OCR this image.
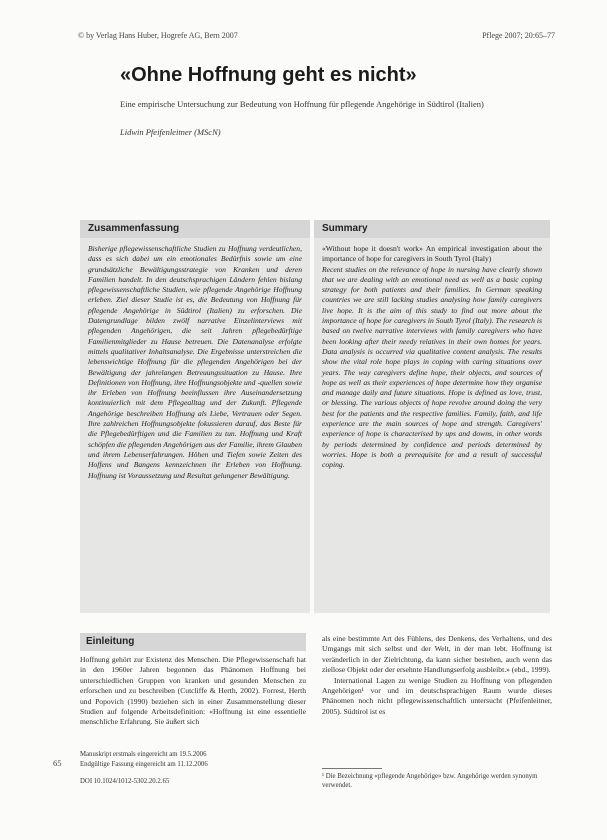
© by Verlag Hans Huber, Hogrefe AG, Bern 2007	Pflege 2007; 20:65–77
«Ohne Hoffnung geht es nicht»
Eine empirische Untersuchung zur Bedeutung von Hoffnung für pflegende Angehörige in Südtirol (Italien)
Lidwin Pfeifenleitner (MScN)
Zusammenfassung

Bisherige pflegewissenschaftliche Studien zu Hoffnung verdeutlichen, dass es sich dabei um ein emotionales Bedürfnis sowie um eine grundsätzliche Bewältigungsstrategie von Kranken und deren Familien handelt. In den deutschsprachigen Ländern fehlen bislang pflegewissenschaftliche Studien, wie pflegende Angehörige Hoffnung erleben. Ziel dieser Studie ist es, die Bedeutung von Hoffnung für pflegende Angehörige in Südtirol (Italien) zu erforschen. Die Datengrundlage bilden zwölf narrative Einzelinterviews mit pflegenden Angehörigen, die seit Jahren pflegebedürftige Familienmitglieder zu Hause betreuen. Die Datenanalyse erfolgte mittels qualitativer Inhaltsanalyse. Die Ergebnisse unterstreichen die lebenswichtige Hoffnung für die pflegenden Angehörigen bei der Bewältigung der jahrelangen Betreuungssituation zu Hause. Ihre Definitionen von Hoffnung, ihre Hoffnungsobjekte und -quellen sowie ihr Erleben von Hoffnung beeinflussen ihre Auseinandersetzung kontinuierlich mit dem Pflegealltag und der Zukunft. Pflegende Angehörige beschreiben Hoffnung als Liebe, Vertrauen oder Segen. Ihre zahlreichen Hoffnungsobjekte fokussieren darauf, das Beste für die Pflegebedürftigen und die Familien zu tun. Hoffnung und Kraft schöpfen die pflegenden Angehörigen aus der Familie, ihrem Glauben und ihrem Lebenserfahrungen. Höhen und Tiefen sowie Zeiten des Hoffens und Bangens kennzeichnen ihr Erleben von Hoffnung. Hoffnung ist Voraussetzung und Resultat gelungener Bewältigung.

Summary

«Without hope it doesn't work» An empirical investigation about the importance of hope for caregivers in South Tyrol (Italy)

Recent studies on the relevance of hope in nursing have clearly shown that we are dealing with an emotional need as well as a basic coping strategy for both patients and their families. In German speaking countries we are still lacking studies analysing how family caregivers live hope. It is the aim of this study to find out more about the importance of hope for caregivers in South Tyrol (Italy). The research is based on twelve narrative interviews with family caregivers who have been looking after their needy relatives in their own homes for years. Data analysis is occurred via qualitative content analysis. The results show the vital role hope plays in coping with caring situations over years. The way caregivers define hope, their objects, and sources of hope as well as their experiences of hope determine how they organise and manage daily and future situations. Hope is defined as love, trust, or blessing. The various objects of hope revolve around doing the very best for the patients and the respective families. Family, faith, and life experience are the main sources of hope and strength. Caregivers' experience of hope is characterised by ups and downs, in other words by periods determined by confidence and periods determined by worries. Hope is both a prerequisite for and a result of successful coping.

Einleitung

Hoffnung gehört zur Existenz des Menschen. Die Pflegewissenschaft hat in den 1960er Jahren begonnen das Phänomen Hoffnung bei unterschiedlichen Gruppen von kranken und gesunden Menschen zu erforschen und zu beschreiben (Cutcliffe & Herth, 2002). Forrest, Herth und Popovich (1990) beziehen sich in einer Zusammenstellung dieser Studien auf folgende Arbeitsdefinition: «Hoffnung ist eine essentielle menschliche Erfahrung. Sie äußert sich

als eine bestimmte Art des Fühlens, des Denkens, des Verhaltens, und des Umgangs mit sich selbst und der Welt, in der man lebt. Hoffnung ist veränderlich in der Zielrichtung, da kann sicher bestehen, auch wenn das ziellose Objekt oder der ersehnte Handlungserfolg ausbleibt.» (ebd., 1999).

International Lagen zu wenige Studien zu Hoffnung von pflegenden Angehörigen¹ vor und im deutschsprachigen Raum wurde dieses Phänomen noch nicht pflegewissenschaftlich untersucht (Pfeifenleitner, 2005). Südtirol ist es

65
Manuskript erstmals eingereicht am 19.5.2006
Endgültige Fassung eingereicht am 11.12.2006
DOI 10.1024/1012-5302.20.2.65
¹ Die Bezeichnung «pflegende Angehörige» bzw. Angehörige werden synonym verwendet.
